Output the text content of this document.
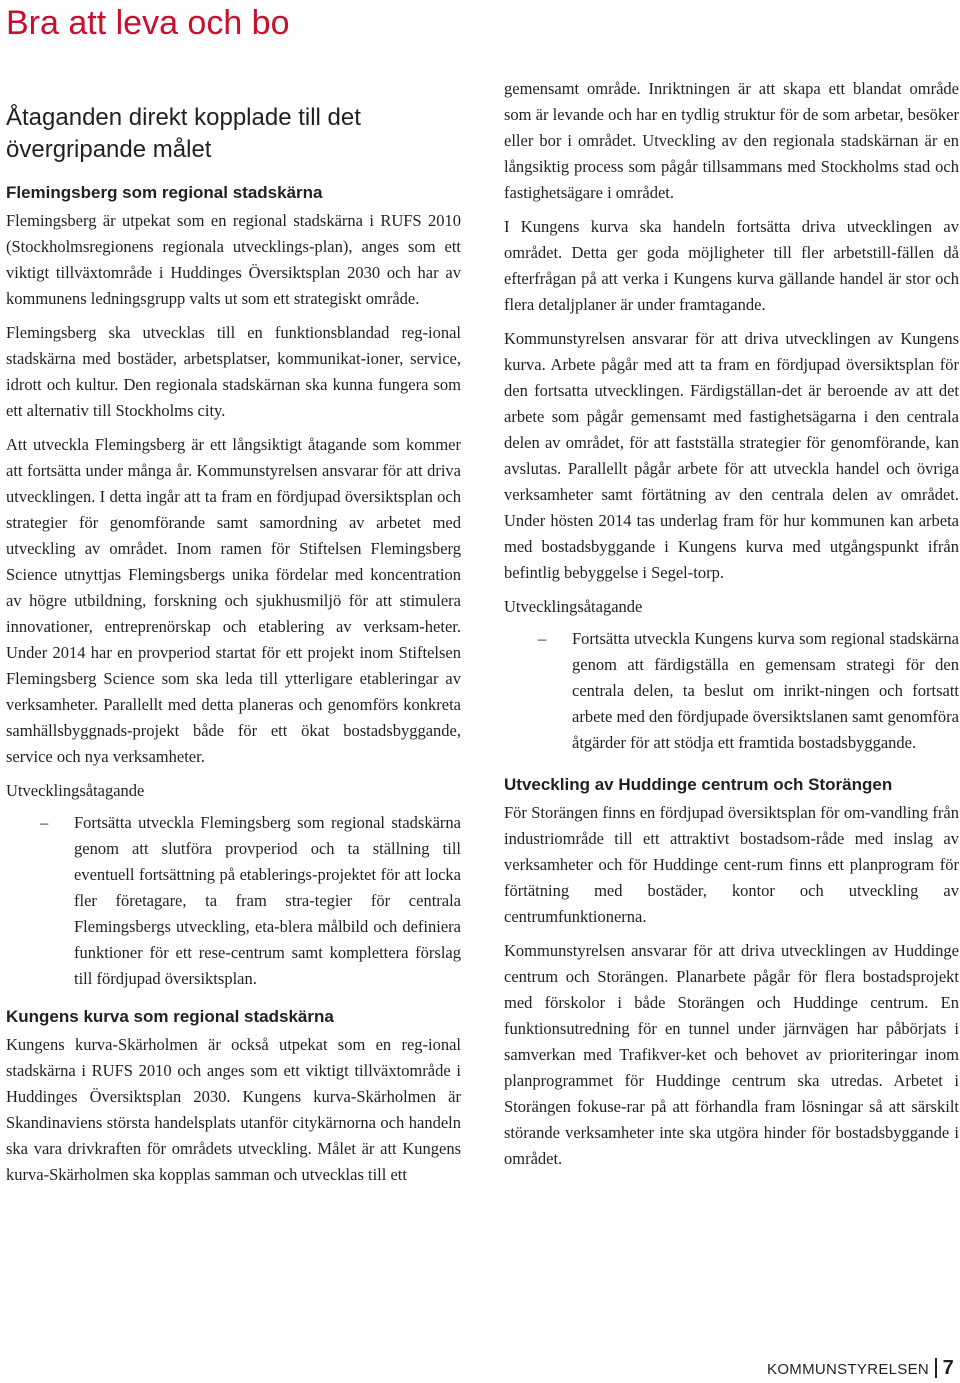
Bra att leva och bo
Åtaganden direkt kopplade till det övergripande målet
Flemingsberg som regional stadskärna

Flemingsberg är utpekat som en regional stadskärna i RUFS 2010 (Stockholmsregionens regionala utvecklings-plan), anges som ett viktigt tillväxtområde i Huddinges Översiktsplan 2030 och har av kommunens ledningsgrupp valts ut som ett strategiskt område.

Flemingsberg ska utvecklas till en funktionsblandad reg-ional stadskärna med bostäder, arbetsplatser, kommunikat-ioner, service, idrott och kultur. Den regionala stadskärnan ska kunna fungera som ett alternativ till Stockholms city.

Att utveckla Flemingsberg är ett långsiktigt åtagande som kommer att fortsätta under många år. Kommunstyrelsen ansvarar för att driva utvecklingen. I detta ingår att ta fram en fördjupad översiktsplan och strategier för genomförande samt samordning av arbetet med utveckling av området. Inom ramen för Stiftelsen Flemingsberg Science utnyttjas Flemingsbergs unika fördelar med koncentration av högre utbildning, forskning och sjukhusmiljö för att stimulera innovationer, entreprenörskap och etablering av verksam-heter. Under 2014 har en provperiod startat för ett projekt inom Stiftelsen Flemingsberg Science som ska leda till ytterligare etableringar av verksamheter. Parallellt med detta planeras och genomförs konkreta samhällsbyggnads-projekt både för ett ökat bostadsbyggande, service och nya verksamheter.

Utvecklingsåtagande
– Fortsätta utveckla Flemingsberg som regional stadskärna genom att slutföra provperiod och ta ställning till eventuell fortsättning på etablerings-projektet för att locka fler företagare, ta fram stra-tegier för centrala Flemingsbergs utveckling, eta-blera målbild och definiera funktioner för ett rese-centrum samt komplettera förslag till fördjupad översiktsplan.
Kungens kurva som regional stadskärna

Kungens kurva-Skärholmen är också utpekat som en reg-ional stadskärna i RUFS 2010 och anges som ett viktigt tillväxtområde i Huddinges Översiktsplan 2030. Kungens kurva-Skärholmen är Skandinaviens största handelsplats utanför citykärnorna och handeln ska vara drivkraften för områdets utveckling. Målet är att Kungens kurva-Skärholmen ska kopplas samman och utvecklas till ett

gemensamt område. Inriktningen är att skapa ett blandat område som är levande och har en tydlig struktur för de som arbetar, besöker eller bor i området. Utveckling av den regionala stadskärnan är en långsiktig process som pågår tillsammans med Stockholms stad och fastighetsägare i området.

I Kungens kurva ska handeln fortsätta driva utvecklingen av området. Detta ger goda möjligheter till fler arbetstill-fällen då efterfrågan på att verka i Kungens kurva gällande handel är stor och flera detaljplaner är under framtagande.

Kommunstyrelsen ansvarar för att driva utvecklingen av Kungens kurva. Arbete pågår med att ta fram en fördjupad översiktsplan för den fortsatta utvecklingen. Färdigställan-det är beroende av att det arbete som pågår gemensamt med fastighetsägarna i den centrala delen av området, för att fastställa strategier för genomförande, kan avslutas. Parallellt pågår arbete för att utveckla handel och övriga verksamheter samt förtätning av den centrala delen av området. Under hösten 2014 tas underlag fram för hur kommunen kan arbeta med bostadsbyggande i Kungens kurva med utgångspunkt ifrån befintlig bebyggelse i Segel-torp.

Utvecklingsåtagande
– Fortsätta utveckla Kungens kurva som regional stadskärna genom att färdigställa en gemensam strategi för den centrala delen, ta beslut om inrikt-ningen och fortsatt arbete med den fördjupade översiktslanen samt genomföra åtgärder för att stödja ett framtida bostadsbyggande.
Utveckling av Huddinge centrum och Storängen

För Storängen finns en fördjupad översiktsplan för om-vandling från industriområde till ett attraktivt bostadsom-råde med inslag av verksamheter och för Huddinge cent-rum finns ett planprogram för förtätning med bostäder, kontor och utveckling av centrumfunktionerna.

Kommunstyrelsen ansvarar för att driva utvecklingen av Huddinge centrum och Storängen. Planarbete pågår för flera bostadsprojekt med förskolor i både Storängen och Huddinge centrum. En funktionsutredning för en tunnel under järnvägen har påbörjats i samverkan med Trafikver-ket och behovet av prioriteringar inom planprogrammet för Huddinge centrum ska utredas. Arbetet i Storängen fokuse-rar på att förhandla fram lösningar så att särskilt störande verksamheter inte ska utgöra hinder för bostadsbyggande i området.

KOMMUNSTYRELSEN 7
